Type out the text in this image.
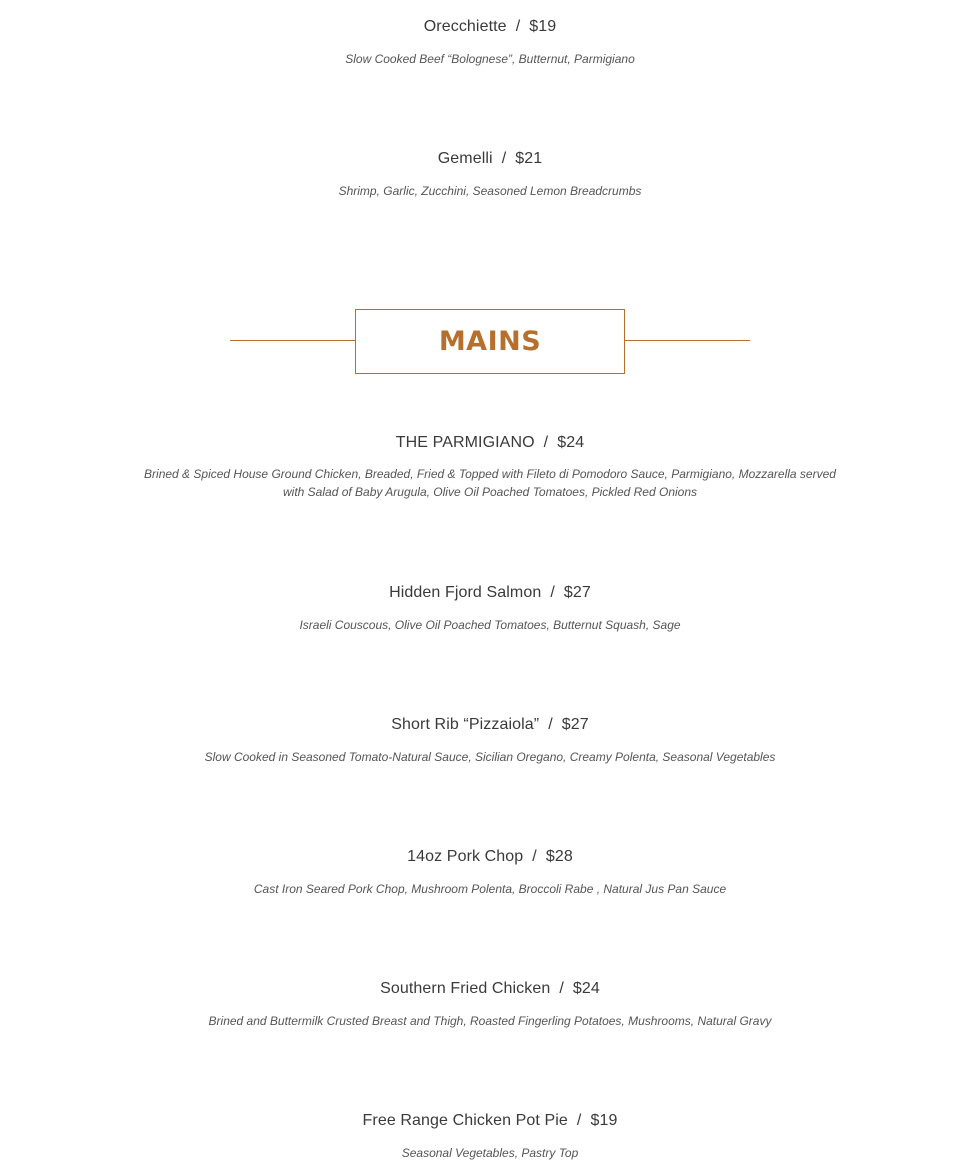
Orecchiette / $19
Slow Cooked Beef “Bolognese”, Butternut, Parmigiano
Gemelli / $21
Shrimp, Garlic, Zucchini, Seasoned Lemon Breadcrumbs
MAINS
THE PARMIGIANO / $24
Brined & Spiced House Ground Chicken, Breaded, Fried & Topped with Fileto di Pomodoro Sauce, Parmigiano, Mozzarella served with Salad of Baby Arugula, Olive Oil Poached Tomatoes, Pickled Red Onions
Hidden Fjord Salmon / $27
Israeli Couscous, Olive Oil Poached Tomatoes, Butternut Squash, Sage
Short Rib “Pizzaiola” / $27
Slow Cooked in Seasoned Tomato-Natural Sauce, Sicilian Oregano, Creamy Polenta, Seasonal Vegetables
14oz Pork Chop / $28
Cast Iron Seared Pork Chop, Mushroom Polenta, Broccoli Rabe , Natural Jus Pan Sauce
Southern Fried Chicken / $24
Brined and Buttermilk Crusted Breast and Thigh, Roasted Fingerling Potatoes, Mushrooms, Natural Gravy
Free Range Chicken Pot Pie / $19
Seasonal Vegetables, Pastry Top
